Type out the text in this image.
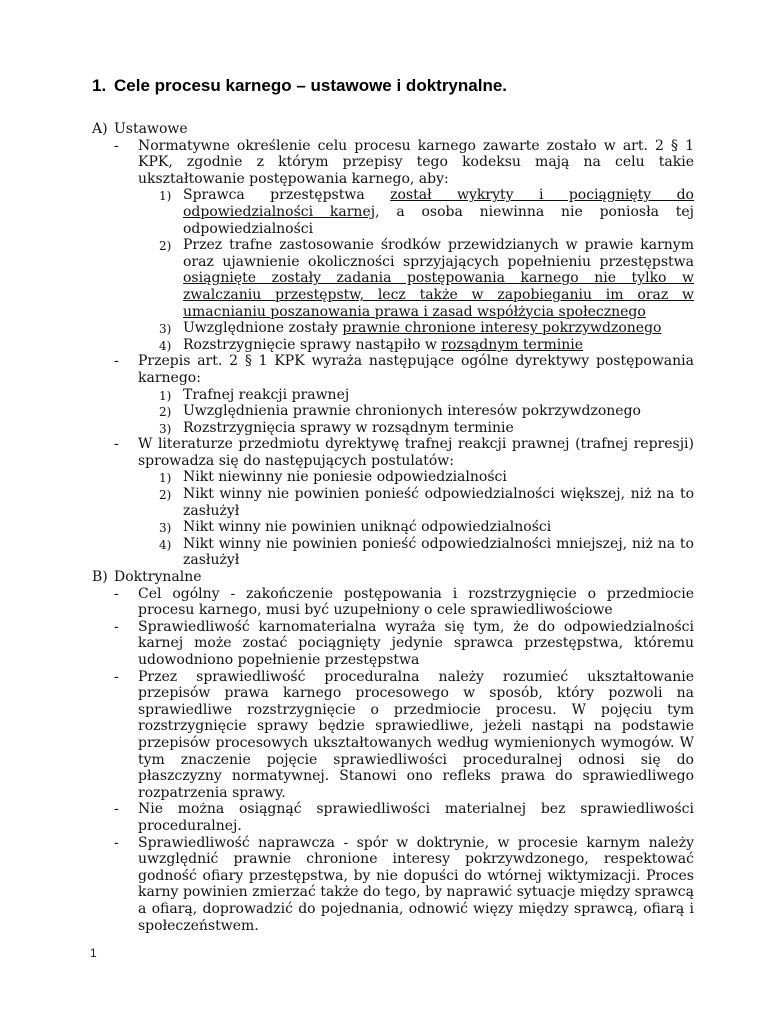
1. Cele procesu karnego – ustawowe i doktrynalne.
A) Ustawowe
-	Normatywne określenie celu procesu karnego zawarte zostało w art. 2 § 1 KPK, zgodnie z którym przepisy tego kodeksu mają na celu takie ukształtowanie postępowania karnego, aby:
1) Sprawca przestępstwa został wykryty i pociągnięty do odpowiedzialności karnej, a osoba niewinna nie poniosła tej odpowiedzialności
2) Przez trafne zastosowanie środków przewidzianych w prawie karnym oraz ujawnienie okoliczności sprzyjających popełnieniu przestępstwa osiągnięte zostały zadania postępowania karnego nie tylko w zwalczaniu przestępstw, lecz także w zapobieganiu im oraz w umacnianiu poszanowania prawa i zasad współżycia społecznego
3) Uwzględnione zostały prawnie chronione interesy pokrzywdzonego
4) Rozstrzygnięcie sprawy nastąpiło w rozsądnym terminie
-	Przepis art. 2 § 1 KPK wyraża następujące ogólne dyrektywy postępowania karnego:
1) Trafnej reakcji prawnej
2) Uwzględnienia prawnie chronionych interesów pokrzywdzonego
3) Rozstrzygnięcia sprawy w rozsądnym terminie
-	W literaturze przedmiotu dyrektywę trafnej reakcji prawnej (trafnej represji) sprowadza się do następujących postulatów:
1) Nikt niewinny nie poniesie odpowiedzialności
2) Nikt winny nie powinien ponieść odpowiedzialności większej, niż na to zasłużył
3) Nikt winny nie powinien uniknąć odpowiedzialności
4) Nikt winny nie powinien ponieść odpowiedzialności mniejszej, niż na to zasłużył
B) Doktrynalne
-	Cel ogólny - zakończenie postępowania i rozstrzygnięcie o przedmiocie procesu karnego, musi być uzupełniony o cele sprawiedliwościowe
-	Sprawiedliwość karnomaterialna wyraża się tym, że do odpowiedzialności karnej może zostać pociągnięty jedynie sprawca przestępstwa, któremu udowodniono popełnienie przestępstwa
-	Przez sprawiedliwość proceduralna należy rozumieć ukształtowanie przepisów prawa karnego procesowego w sposób, który pozwoli na sprawiedliwe rozstrzygnięcie o przedmiocie procesu. W pojęciu tym rozstrzygnięcie sprawy będzie sprawiedliwe, jeżeli nastąpi na podstawie przepisów procesowych ukształtowanych według wymienionych wymogów. W tym znaczenie pojęcie sprawiedliwości proceduralnej odnosi się do płaszczyzny normatywnej. Stanowi ono refleks prawa do sprawiedliwego rozpatrzenia sprawy.
-	Nie można osiągnąć sprawiedliwości materialnej bez sprawiedliwości proceduralnej.
-	Sprawiedliwość naprawcza - spór w doktrynie, w procesie karnym należy uwzględnić prawnie chronione interesy pokrzywdzonego, respektować godność ofiary przestępstwa, by nie dopuści do wtórnej wiktymizacji. Proces karny powinien zmierzać także do tego, by naprawić sytuacje między sprawcą a ofiarą, doprowadzić do pojednania, odnowić więzy między sprawcą, ofiarą i społeczeństwem.
1
